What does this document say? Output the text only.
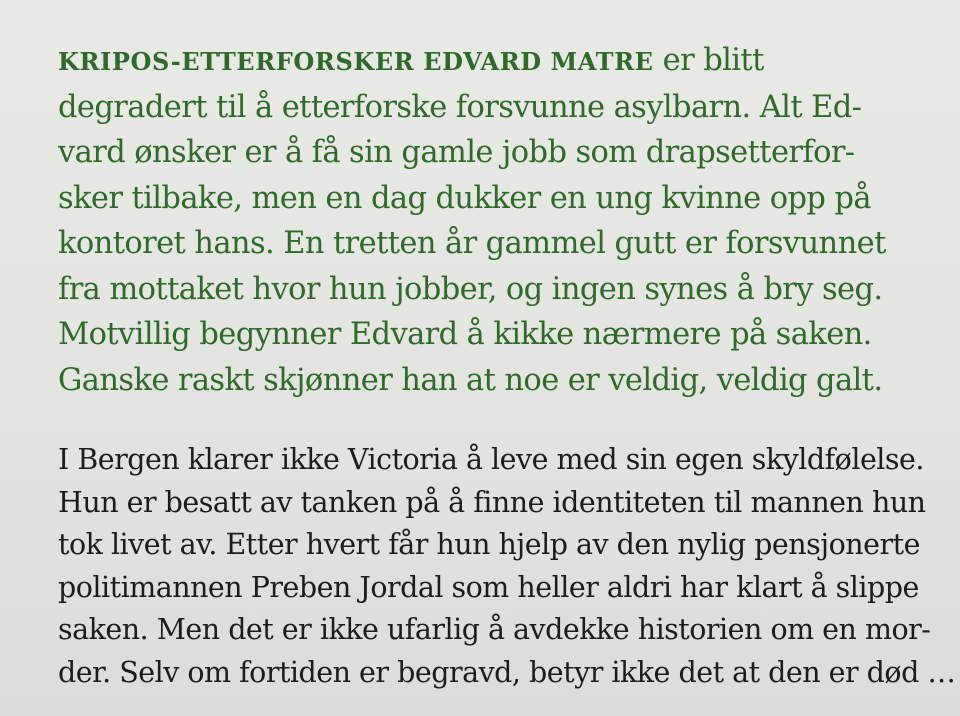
KRIPOS-ETTERFORSKER EDVARD MATRE er blitt
degradert til å etterforske forsvunne asylbarn. Alt Ed-
vard ønsker er å få sin gamle jobb som drapsetterfor-
sker tilbake, men en dag dukker en ung kvinne opp på
kontoret hans. En tretten år gammel gutt er forsvunnet
fra mottaket hvor hun jobber, og ingen synes å bry seg.
Motvillig begynner Edvard å kikke nærmere på saken.
Ganske raskt skjønner han at noe er veldig, veldig galt.
I Bergen klarer ikke Victoria å leve med sin egen skyldfølelse.
Hun er besatt av tanken på å finne identiteten til mannen hun
tok livet av. Etter hvert får hun hjelp av den nylig pensjonerte
politimannen Preben Jordal som heller aldri har klart å slippe
saken. Men det er ikke ufarlig å avdekke historien om en mor-
der. Selv om fortiden er begravd, betyr ikke det at den er død …
